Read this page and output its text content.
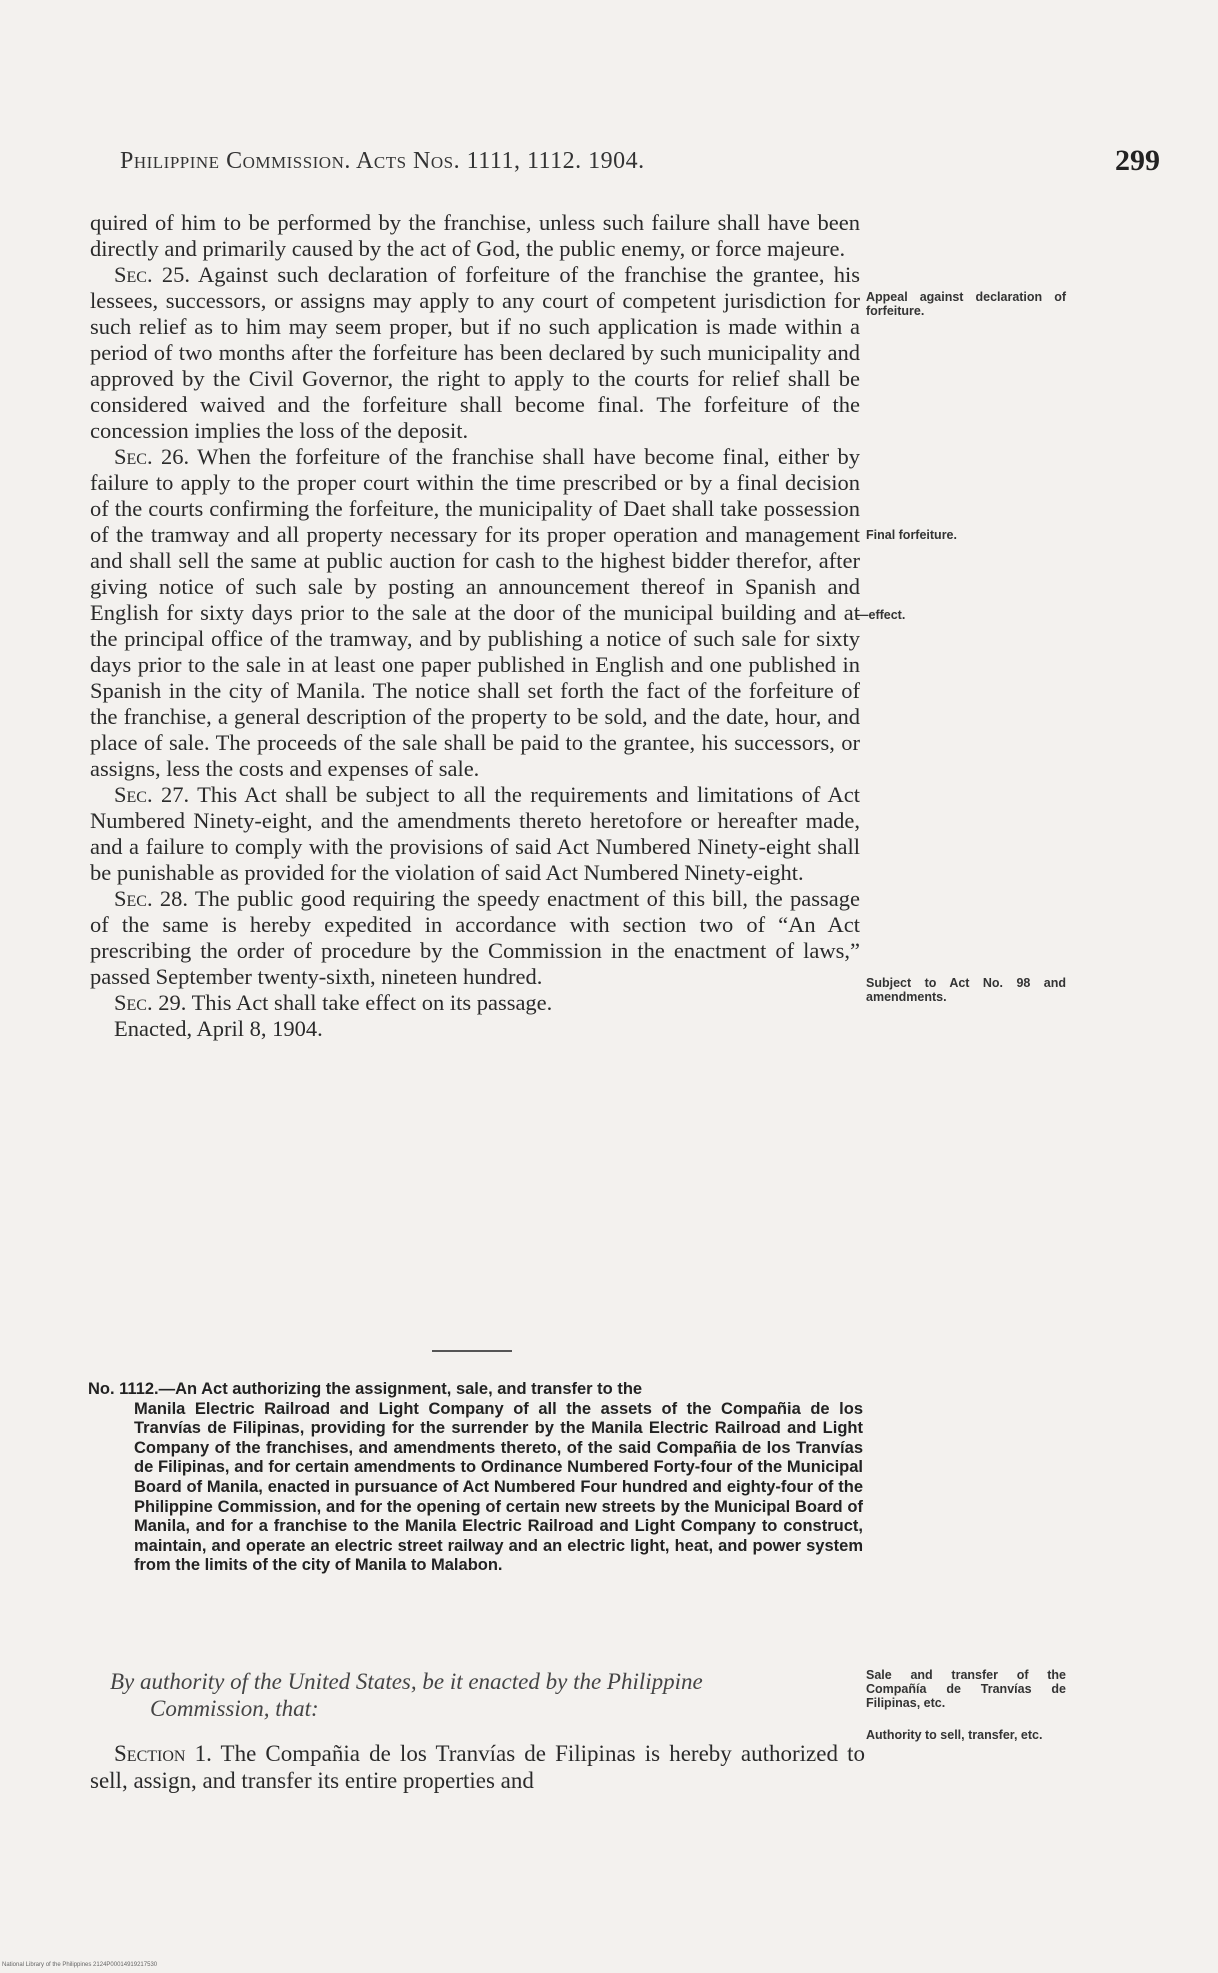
Philippine Commission. Acts Nos. 1111, 1112. 1904.	299

quired of him to be performed by the franchise, unless such failure shall have been directly and primarily caused by the act of God, the public enemy, or force majeure.

Sec. 25. Against such declaration of forfeiture of the franchise the grantee, his lessees, successors, or assigns may apply to any court of competent jurisdiction for such relief as to him may seem proper, but if no such application is made within a period of two months after the forfeiture has been declared by such municipality and approved by the Civil Governor, the right to apply to the courts for relief shall be considered waived and the forfeiture shall become final. The forfeiture of the concession implies the loss of the deposit.

Sec. 26. When the forfeiture of the franchise shall have become final, either by failure to apply to the proper court within the time prescribed or by a final decision of the courts confirming the forfeiture, the municipality of Daet shall take possession of the tramway and all property necessary for its proper operation and management and shall sell the same at public auction for cash to the highest bidder therefor, after giving notice of such sale by posting an announcement thereof in Spanish and English for sixty days prior to the sale at the door of the municipal building and at the principal office of the tramway, and by publishing a notice of such sale for sixty days prior to the sale in at least one paper published in English and one published in Spanish in the city of Manila. The notice shall set forth the fact of the forfeiture of the franchise, a general description of the property to be sold, and the date, hour, and place of sale. The proceeds of the sale shall be paid to the grantee, his successors, or assigns, less the costs and expenses of sale.

Sec. 27. This Act shall be subject to all the requirements and limitations of Act Numbered Ninety-eight, and the amendments thereto heretofore or hereafter made, and a failure to comply with the provisions of said Act Numbered Ninety-eight shall be punishable as provided for the violation of said Act Numbered Ninety-eight.

Sec. 28. The public good requiring the speedy enactment of this bill, the passage of the same is hereby expedited in accordance with section two of “An Act prescribing the order of procedure by the Commission in the enactment of laws,” passed September twenty-sixth, nineteen hundred.

Sec. 29. This Act shall take effect on its passage.

Enacted, April 8, 1904.

Appeal against declaration of forfeiture.
Final forfeiture.
—effect.
Subject to Act No. 98 and amendments.
No. 1112.—An Act authorizing the assignment, sale, and transfer to the
Manila Electric Railroad and Light Company of all the assets of the Compañia de los Tranvías de Filipinas, providing for the surrender by the Manila Electric Railroad and Light Company of the franchises, and amendments thereto, of the said Compañia de los Tranvías de Filipinas, and for certain amendments to Ordinance Numbered Forty-four of the Municipal Board of Manila, enacted in pursuance of Act Numbered Four hundred and eighty-four of the Philippine Commission, and for the opening of certain new streets by the Municipal Board of Manila, and for a franchise to the Manila Electric Railroad and Light Company to construct, maintain, and operate an electric street railway and an electric light, heat, and power system from the limits of the city of Manila to Malabon.
By authority of the United States, be it enacted by the Philippine
Commission, that:
Sale and transfer of the Compañía de Tranvías de Filipinas, etc.
Authority to sell, transfer, etc.

Section 1. The Compañia de los Tranvías de Filipinas is hereby authorized to sell, assign, and transfer its entire properties and

National Library of the Philippines 2124P00014919217530
